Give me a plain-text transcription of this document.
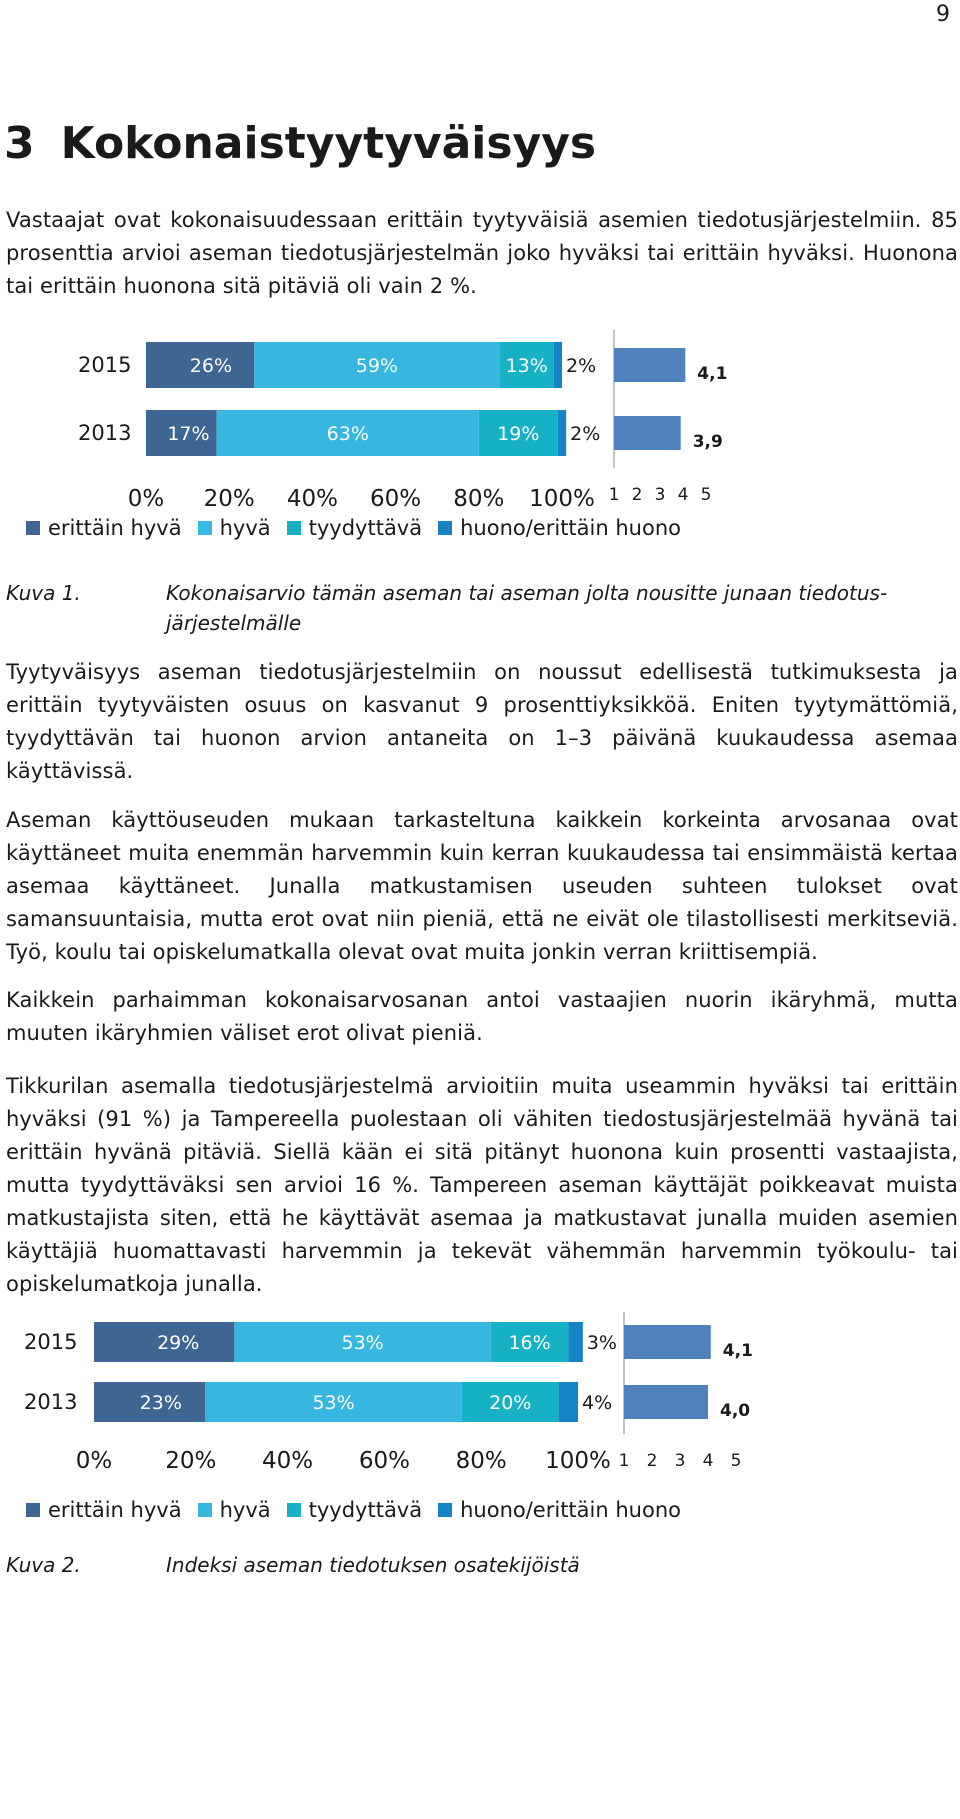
9
3 Kokonaistyytyväisyys

Vastaajat ovat kokonaisuudessaan erittäin tyytyväisiä asemien tiedotusjärjestelmiin. 85 prosenttia arvioi aseman tiedotusjärjestelmän joko hyväksi tai erittäin hyväksi. Huonona tai erittäin huonona sitä pitäviä oli vain 2 %.

2015	26%	59%	13% 2%
2013 17%	63%	19% 2%
0% 20% 40% 60% 80% 100%
4,1
3,9
1 2 3 4 5
erittäin hyvä hyvä tyydyttävä huono/erittäin huono
Kuva 1.	Kokonaisarvio tämän aseman tai aseman jolta nousitte junaan tiedotus-järjestelmälle

Tyytyväisyys aseman tiedotusjärjestelmiin on noussut edellisestä tutkimuksesta ja erittäin tyytyväisten osuus on kasvanut 9 prosenttiyksikköä. Eniten tyytymättömiä, tyydyttävän tai huonon arvion antaneita on 1–3 päivänä kuukaudessa asemaa käyttävissä.

Aseman käyttöuseuden mukaan tarkasteltuna kaikkein korkeinta arvosanaa ovat käyttäneet muita enemmän harvemmin kuin kerran kuukaudessa tai ensimmäistä kertaa asemaa käyttäneet. Junalla matkustamisen useuden suhteen tulokset ovat samansuuntaisia, mutta erot ovat niin pieniä, että ne eivät ole tilastollisesti merkitseviä. Työ, koulu tai opiskelumatkalla olevat ovat muita jonkin verran kriittisempiä.

Kaikkein parhaimman kokonaisarvosanan antoi vastaajien nuorin ikäryhmä, mutta muuten ikäryhmien väliset erot olivat pieniä.

Tikkurilan asemalla tiedotusjärjestelmä arvioitiin muita useammin hyväksi tai erittäin hyväksi (91 %) ja Tampereella puolestaan oli vähiten tiedostusjärjestelmää hyvänä tai erittäin hyvänä pitäviä. Siellä kään ei sitä pitänyt huonona kuin prosentti vastaajista, mutta tyydyttäväksi sen arvioi 16 %. Tampereen aseman käyttäjät poikkeavat muista matkustajista siten, että he käyttävät asemaa ja matkustavat junalla muiden asemien käyttäjiä huomattavasti harvemmin ja tekevät vähemmän harvemmin työkoulu- tai opiskelumatkoja junalla.

2015	29%	53%	16% 3%
2013	23%	53%	20%	4%
0% 20% 40% 60% 80% 100%
4,1
4,0
1 2 3 4 5
erittäin hyvä hyvä tyydyttävä huono/erittäin huono
Kuva 2.	Indeksi aseman tiedotuksen osatekijöistä
